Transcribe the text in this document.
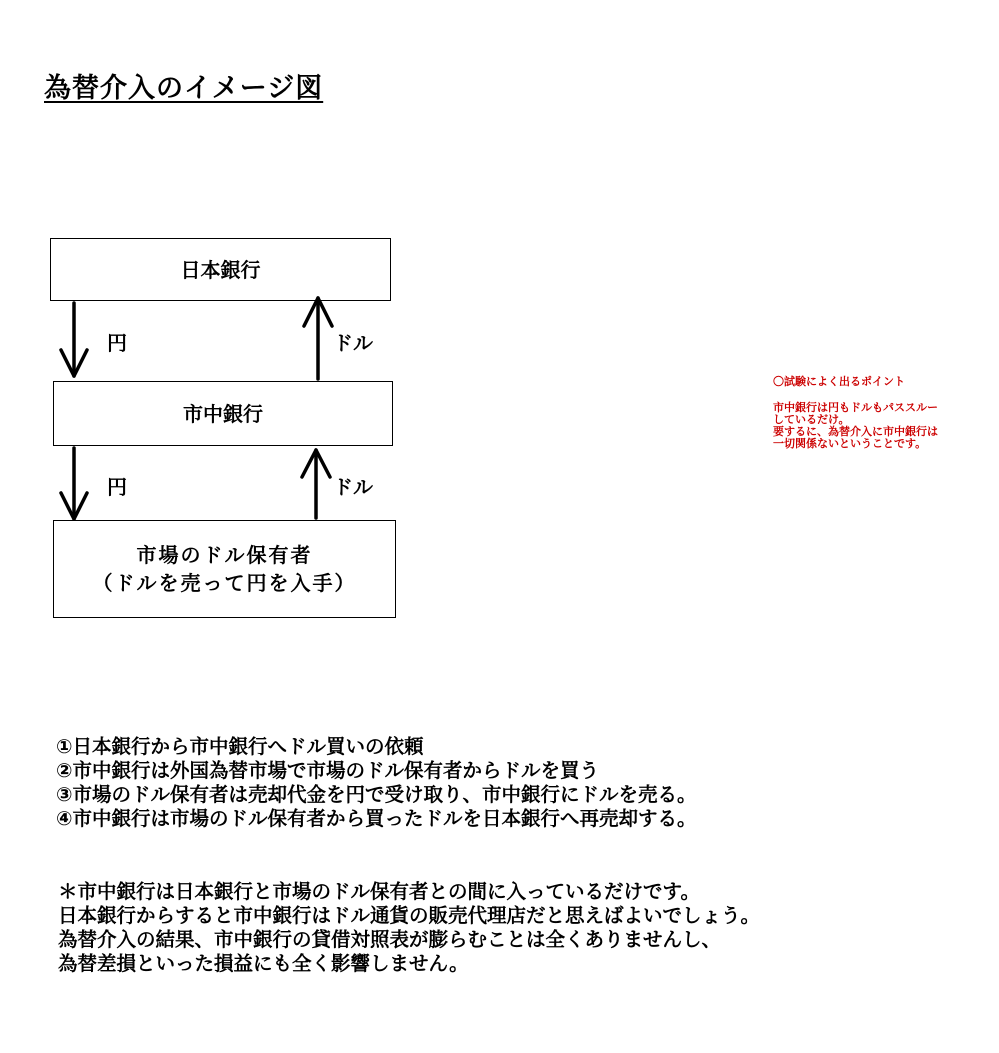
為替介入のイメージ図
日本銀行
市中銀行
市場のドル保有者
（ドルを売って円を入手）
円	ドル
円	ドル
〇試験によく出るポイント
市中銀行は円もドルもパススルー
しているだけ。
要するに、為替介入に市中銀行は
一切関係ないということです。
①日本銀行から市中銀行へドル買いの依頼
②市中銀行は外国為替市場で市場のドル保有者からドルを買う
③市場のドル保有者は売却代金を円で受け取り、市中銀行にドルを売る。
④市中銀行は市場のドル保有者から買ったドルを日本銀行へ再売却する。
＊市中銀行は日本銀行と市場のドル保有者との間に入っているだけです。
日本銀行からすると市中銀行はドル通貨の販売代理店だと思えばよいでしょう。
為替介入の結果、市中銀行の貸借対照表が膨らむことは全くありませんし、
為替差損といった損益にも全く影響しません。
